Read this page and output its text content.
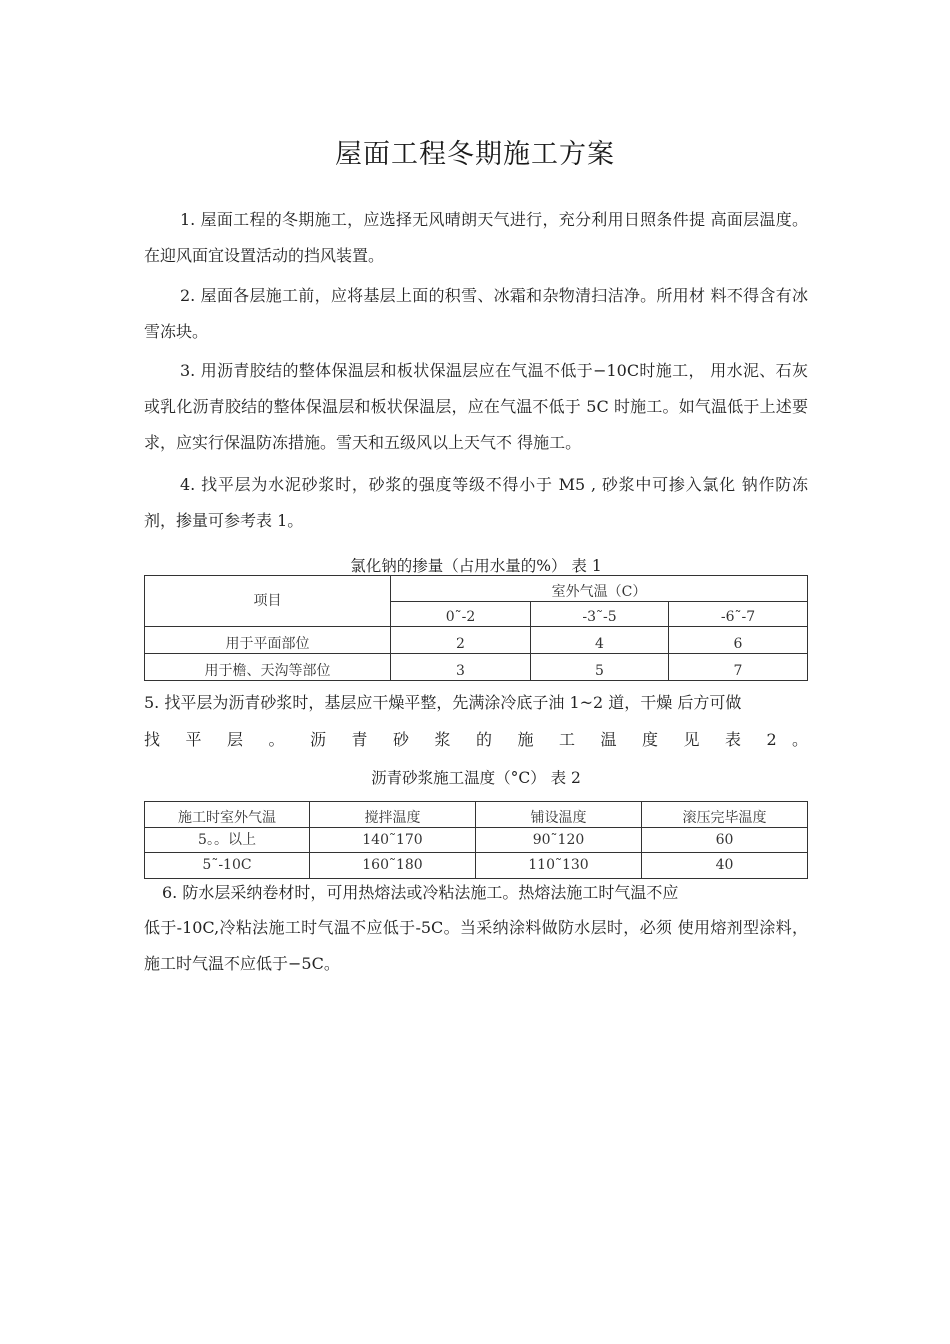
屋面工程冬期施工方案
1. 屋面工程的冬期施工，应选择无风晴朗天气进行，充分利用日照条件提 高面层温度。在迎风面宜设置活动的挡风装置。
2. 屋面各层施工前，应将基层上面的积雪、冰霜和杂物清扫洁净。所用材 料不得含有冰雪冻块。
3. 用沥青胶结的整体保温层和板状保温层应在气温不低于−10C时施工， 用水泥、石灰或乳化沥青胶结的整体保温层和板状保温层，应在气温不低于 5C 时施工。如气温低于上述要求，应实行保温防冻措施。雪天和五级风以上天气不 得施工。
4. 找平层为水泥砂浆时，砂浆的强度等级不得小于 M5 , 砂浆中可掺入氯化 钠作防冻剂，掺量可参考表 1。
氯化钠的掺量（占用水量的%） 表 1
项目	室外气温（C）		
	0˜-2	-3˜-5	-6˜-7
用于平面部位	2	4	6
用于檐、天沟等部位	3	5	7
5. 找平层为沥青砂浆时，基层应干燥平整，先满涂冷底子油 1~2 道，干燥 后方可做
找 平 层 。 沥 青 砂 浆 的 施 工 温 度 见 表 2 。
沥青砂浆施工温度（°C） 表 2
施工时室外气温	搅拌温度	铺设温度	滚压完毕温度
5。。以上	140˜170	90˜120	60
5˜-10C	160˜180	110˜130	40
6. 防水层采纳卷材时，可用热熔法或冷粘法施工。热熔法施工时气温不应
低于-10C,冷粘法施工时气温不应低于-5C。当采纳涂料做防水层时，必须 使用熔剂型涂料，施工时气温不应低于−5C。
